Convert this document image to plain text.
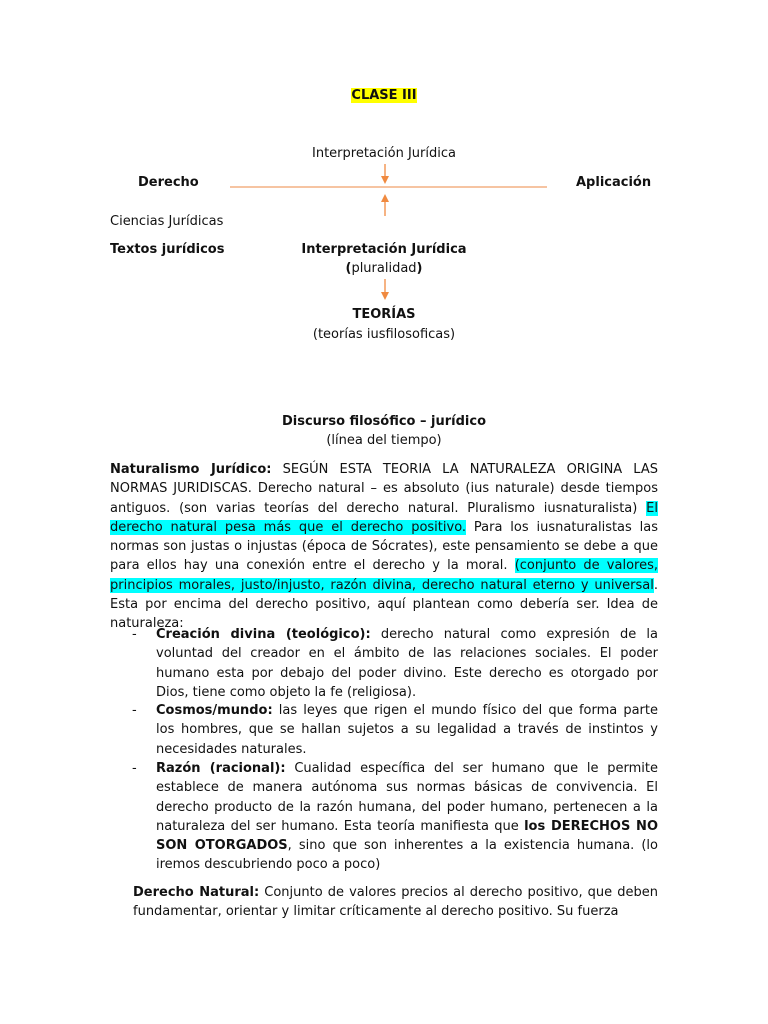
CLASE III
Interpretación Jurídica
Derecho	Aplicación
Ciencias Jurídicas
Textos jurídicos	Interpretación Jurídica
(pluralidad)
TEORÍAS
(teorías iusfilosoficas)
Discurso filosófico – jurídico
(línea del tiempo)
Naturalismo Jurídico: SEGÚN ESTA TEORIA LA NATURALEZA ORIGINA LAS NORMAS JURIDISCAS. Derecho natural – es absoluto (ius naturale) desde tiempos antiguos. (son varias teorías del derecho natural. Pluralismo iusnaturalista) El derecho natural pesa más que el derecho positivo. Para los iusnaturalistas las normas son justas o injustas (época de Sócrates), este pensamiento se debe a que para ellos hay una conexión entre el derecho y la moral. (conjunto de valores, principios morales, justo/injusto, razón divina, derecho natural eterno y universal. Esta por encima del derecho positivo, aquí plantean como debería ser. Idea de naturaleza:
- Creación divina (teológico): derecho natural como expresión de la voluntad del creador en el ámbito de las relaciones sociales. El poder humano esta por debajo del poder divino. Este derecho es otorgado por Dios, tiene como objeto la fe (religiosa).
- Cosmos/mundo: las leyes que rigen el mundo físico del que forma parte los hombres, que se hallan sujetos a su legalidad a través de instintos y necesidades naturales.
- Razón (racional): Cualidad específica del ser humano que le permite establece de manera autónoma sus normas básicas de convivencia. El derecho producto de la razón humana, del poder humano, pertenecen a la naturaleza del ser humano. Esta teoría manifiesta que los DERECHOS NO SON OTORGADOS, sino que son inherentes a la existencia humana. (lo iremos descubriendo poco a poco)
Derecho Natural: Conjunto de valores precios al derecho positivo, que deben fundamentar, orientar y limitar críticamente al derecho positivo. Su fuerza
